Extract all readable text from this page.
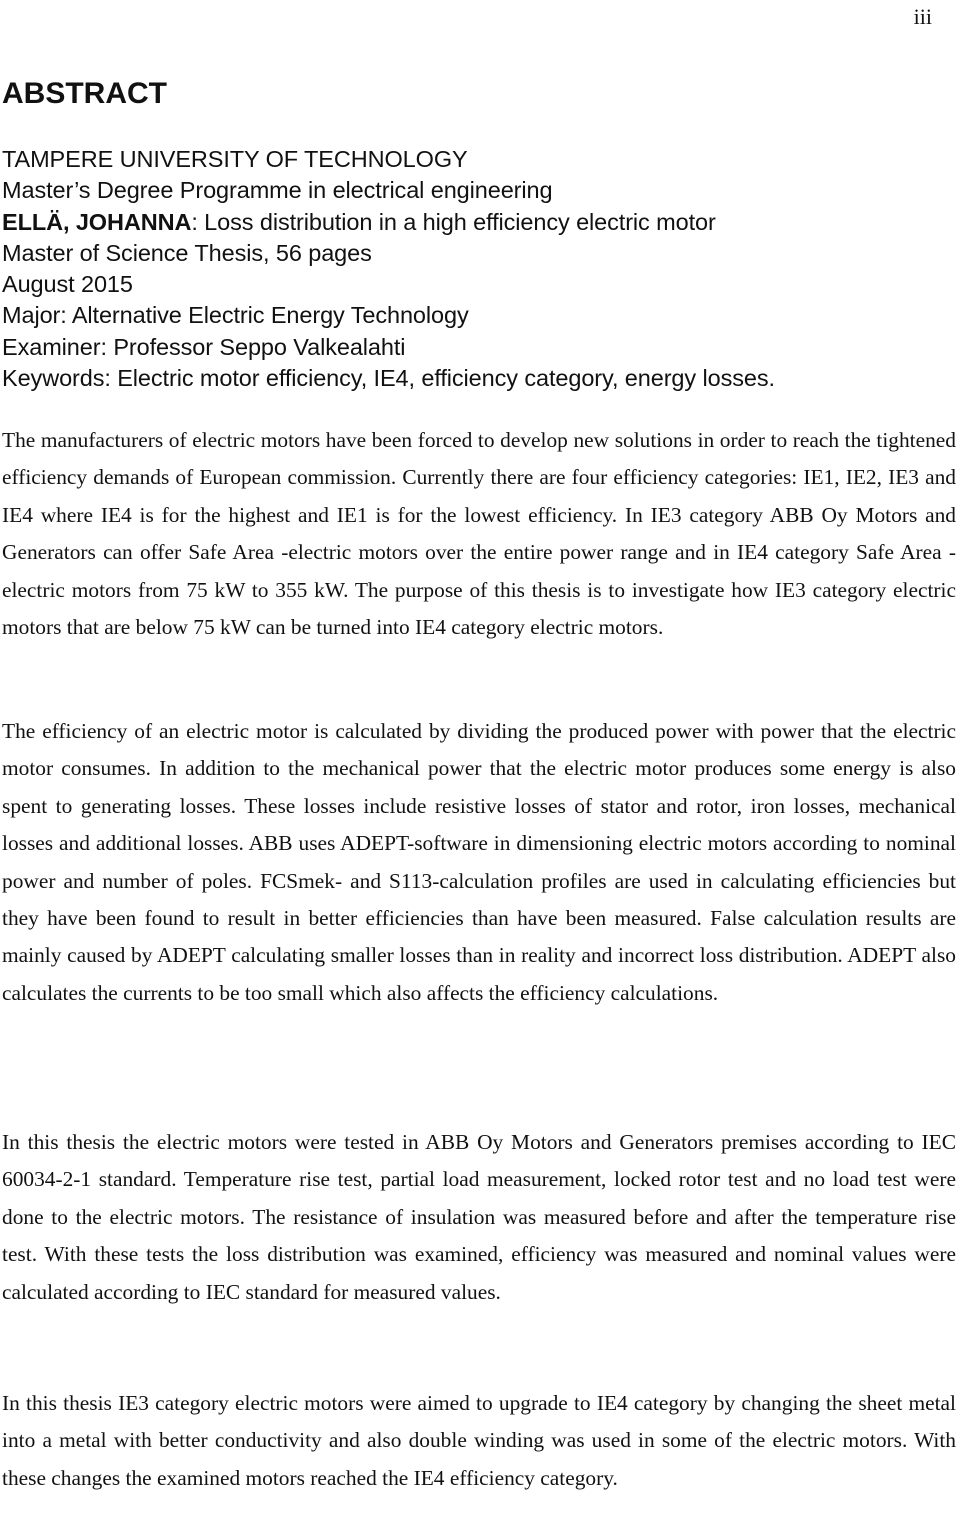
iii
ABSTRACT
TAMPERE UNIVERSITY OF TECHNOLOGY
Master’s Degree Programme in electrical engineering
ELLÄ, JOHANNA: Loss distribution in a high efficiency electric motor
Master of Science Thesis, 56 pages
August 2015
Major: Alternative Electric Energy Technology
Examiner: Professor Seppo Valkealahti
Keywords: Electric motor efficiency, IE4, efficiency category, energy losses.

The manufacturers of electric motors have been forced to develop new solutions in order to reach the tightened efficiency demands of European commission. Currently there are four efficiency categories: IE1, IE2, IE3 and IE4 where IE4 is for the highest and IE1 is for the lowest efficiency. In IE3 category ABB Oy Motors and Generators can offer Safe Area -electric motors over the entire power range and in IE4 category Safe Area -electric motors from 75 kW to 355 kW. The purpose of this thesis is to investigate how IE3 category electric motors that are below 75 kW can be turned into IE4 category electric motors.

The efficiency of an electric motor is calculated by dividing the produced power with power that the electric motor consumes. In addition to the mechanical power that the electric motor produces some energy is also spent to generating losses. These losses include resistive losses of stator and rotor, iron losses, mechanical losses and additional losses. ABB uses ADEPT-software in dimensioning electric motors according to nominal power and number of poles. FCSmek- and S113-calculation profiles are used in calculating efficiencies but they have been found to result in better efficiencies than have been measured. False calculation results are mainly caused by ADEPT calculating smaller losses than in reality and incorrect loss distribution. ADEPT also calculates the currents to be too small which also affects the efficiency calculations.

In this thesis the electric motors were tested in ABB Oy Motors and Generators premises according to IEC 60034-2-1 standard. Temperature rise test, partial load measurement, locked rotor test and no load test were done to the electric motors. The resistance of insulation was measured before and after the temperature rise test. With these tests the loss distribution was examined, efficiency was measured and nominal values were calculated according to IEC standard for measured values.

In this thesis IE3 category electric motors were aimed to upgrade to IE4 category by changing the sheet metal into a metal with better conductivity and also double winding was used in some of the electric motors. With these changes the examined motors reached the IE4 efficiency category.
